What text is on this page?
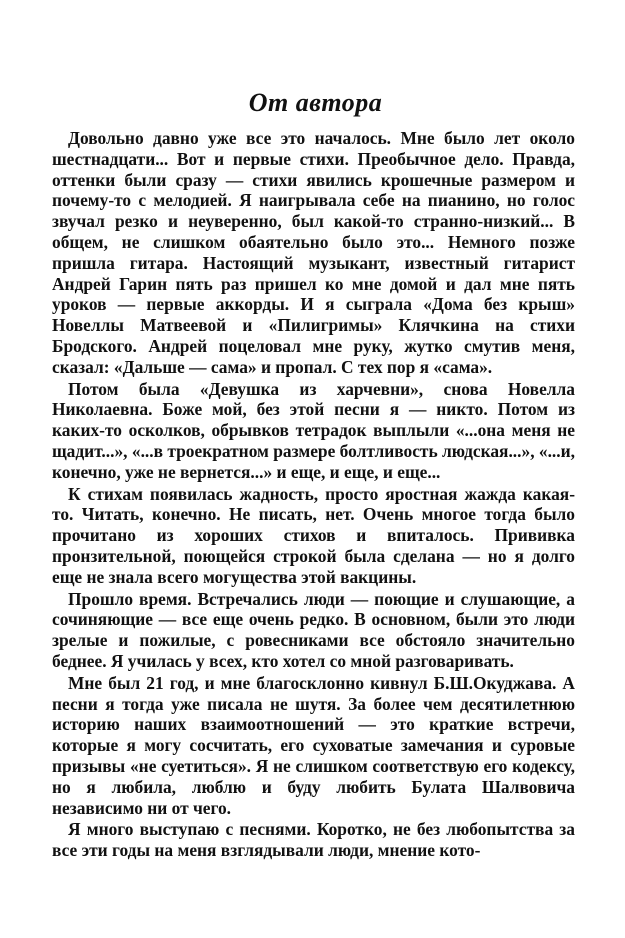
От автора

Довольно давно уже все это началось. Мне было лет около шестнадцати... Вот и первые стихи. Преобычное дело. Правда, оттенки были сразу — стихи явились крошечные размером и почему-то с мелодией. Я наигрывала себе на пианино, но голос звучал резко и неуверенно, был какой-то странно-низкий... В общем, не слишком обаятельно было это... Немного позже пришла гитара. Настоящий музыкант, известный гитарист Андрей Гарин пять раз пришел ко мне домой и дал мне пять уроков — первые аккорды. И я сыграла «Дома без крыш» Новеллы Матвеевой и «Пилигримы» Клячкина на стихи Бродского. Андрей поцеловал мне руку, жутко смутив меня, сказал: «Дальше — сама» и пропал. С тех пор я «сама».

Потом была «Девушка из харчевни», снова Новелла Николаевна. Боже мой, без этой песни я — никто. Потом из каких-то осколков, обрывков тетрадок выплыли «...она меня не щадит...», «...в троекратном размере болтливость людская...», «...и, конечно, уже не вернется...» и еще, и еще, и еще...

К стихам появилась жадность, просто яростная жажда какая-то. Читать, конечно. Не писать, нет. Очень многое тогда было прочитано из хороших стихов и впиталось. Прививка пронзительной, поющейся строкой была сделана — но я долго еще не знала всего могущества этой вакцины.

Прошло время. Встречались люди — поющие и слушающие, а сочиняющие — все еще очень редко. В основном, были это люди зрелые и пожилые, с ровесниками все обстояло значительно беднее. Я училась у всех, кто хотел со мной разговаривать.

Мне был 21 год, и мне благосклонно кивнул Б.Ш.Окуджава. А песни я тогда уже писала не шутя. За более чем десятилетнюю историю наших взаимоотношений — это краткие встречи, которые я могу сосчитать, его суховатые замечания и суровые призывы «не суетиться». Я не слишком соответствую его кодексу, но я любила, люблю и буду любить Булата Шалвовича независимо ни от чего.

Я много выступаю с песнями. Коротко, не без любопытства за все эти годы на меня взглядывали люди, мнение кото-
